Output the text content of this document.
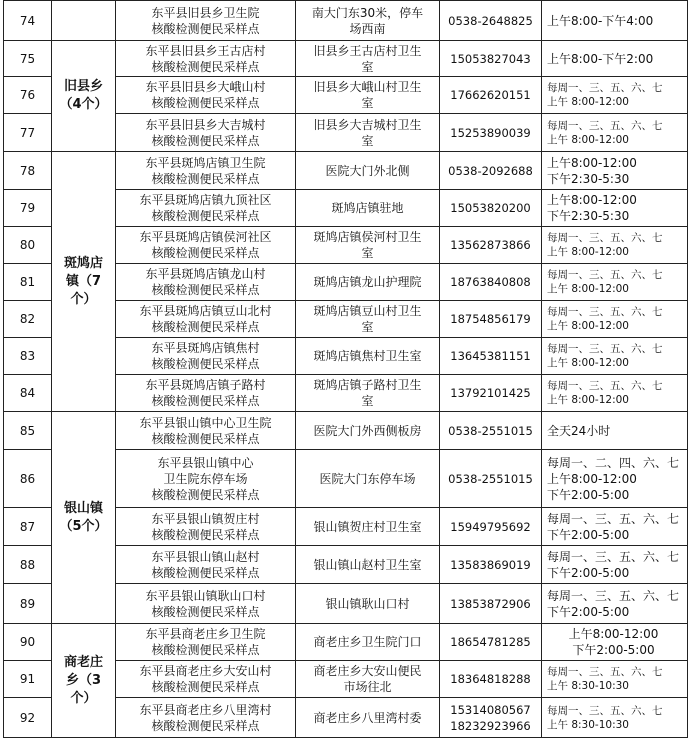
74		东平县旧县乡卫生院
核酸检测便民采样点	南大门东30米，停车
场西南	0538-2648825	上午8:00-下午4:00
75	旧县乡
（4个）	东平县旧县乡王古店村
核酸检测便民采样点	旧县乡王古店村卫生
室	15053827043	上午8:00-下午2:00
76		东平县旧县乡大峨山村
核酸检测便民采样点	旧县乡大峨山村卫生
室	17662620151	每周一、三、五、六、七
上午 8:00-12:00
77		东平县旧县乡大吉城村
核酸检测便民采样点	旧县乡大吉城村卫生
室	15253890039	每周一、三、五、六、七
上午 8:00-12:00
78	斑鸠店
镇（7
个）	东平县斑鸠店镇卫生院
核酸检测便民采样点	医院大门外北侧	0538-2092688	上午8:00-12:00
下午2:30-5:30
79		东平县斑鸠店镇九顶社区
核酸检测便民采样点	斑鸠店镇驻地	15053820200	上午8:00-12:00
下午2:30-5:30
80		东平县斑鸠店镇侯河社区
核酸检测便民采样点	斑鸠店镇侯河村卫生
室	13562873866	每周一、三、五、六、七
上午 8:00-12:00
81		东平县斑鸠店镇龙山村
核酸检测便民采样点	斑鸠店镇龙山护理院	18763840808	每周一、三、五、六、七
上午 8:00-12:00
82		东平县斑鸠店镇豆山北村
核酸检测便民采样点	斑鸠店镇豆山村卫生
室	18754856179	每周一、三、五、六、七
上午 8:00-12:00
83		东平县斑鸠店镇焦村
核酸检测便民采样点	斑鸠店镇焦村卫生室	13645381151	每周一、三、五、六、七
上午 8:00-12:00
84		东平县斑鸠店镇子路村
核酸检测便民采样点	斑鸠店镇子路村卫生
室	13792101425	每周一、三、五、六、七
上午 8:00-12:00
85	银山镇
（5个）	东平县银山镇中心卫生院
核酸检测便民采样点	医院大门外西侧板房	0538-2551015	全天24小时
86		东平县银山镇中心
卫生院东停车场
核酸检测便民采样点	医院大门东停车场	0538-2551015	每周一、二、四、六、七
上午8:00-12:00
下午2:00-5:00
87		东平县银山镇贺庄村
核酸检测便民采样点	银山镇贺庄村卫生室	15949795692	每周一、三、五、六、七
下午2:00-5:00
88		东平县银山镇山赵村
核酸检测便民采样点	银山镇山赵村卫生室	13583869019	每周一、三、五、六、七
下午2:00-5:00
89		东平县银山镇耿山口村
核酸检测便民采样点	银山镇耿山口村	13853872906	每周一、三、五、六、七
下午2:00-5:00
90	商老庄
乡（3
个）	东平县商老庄乡卫生院
核酸检测便民采样点	商老庄乡卫生院门口	18654781285	上午8:00-12:00
下午2:00-5:00
91		东平县商老庄乡大安山村
核酸检测便民采样点	商老庄乡大安山便民
市场往北	18364818288	每周一、三、五、六、七
上午 8:30-10:30
92		东平县商老庄乡八里湾村
核酸检测便民采样点	商老庄乡八里湾村委	15314080567
18232923966	每周一、三、五、六、七
上午 8:30-10:30
